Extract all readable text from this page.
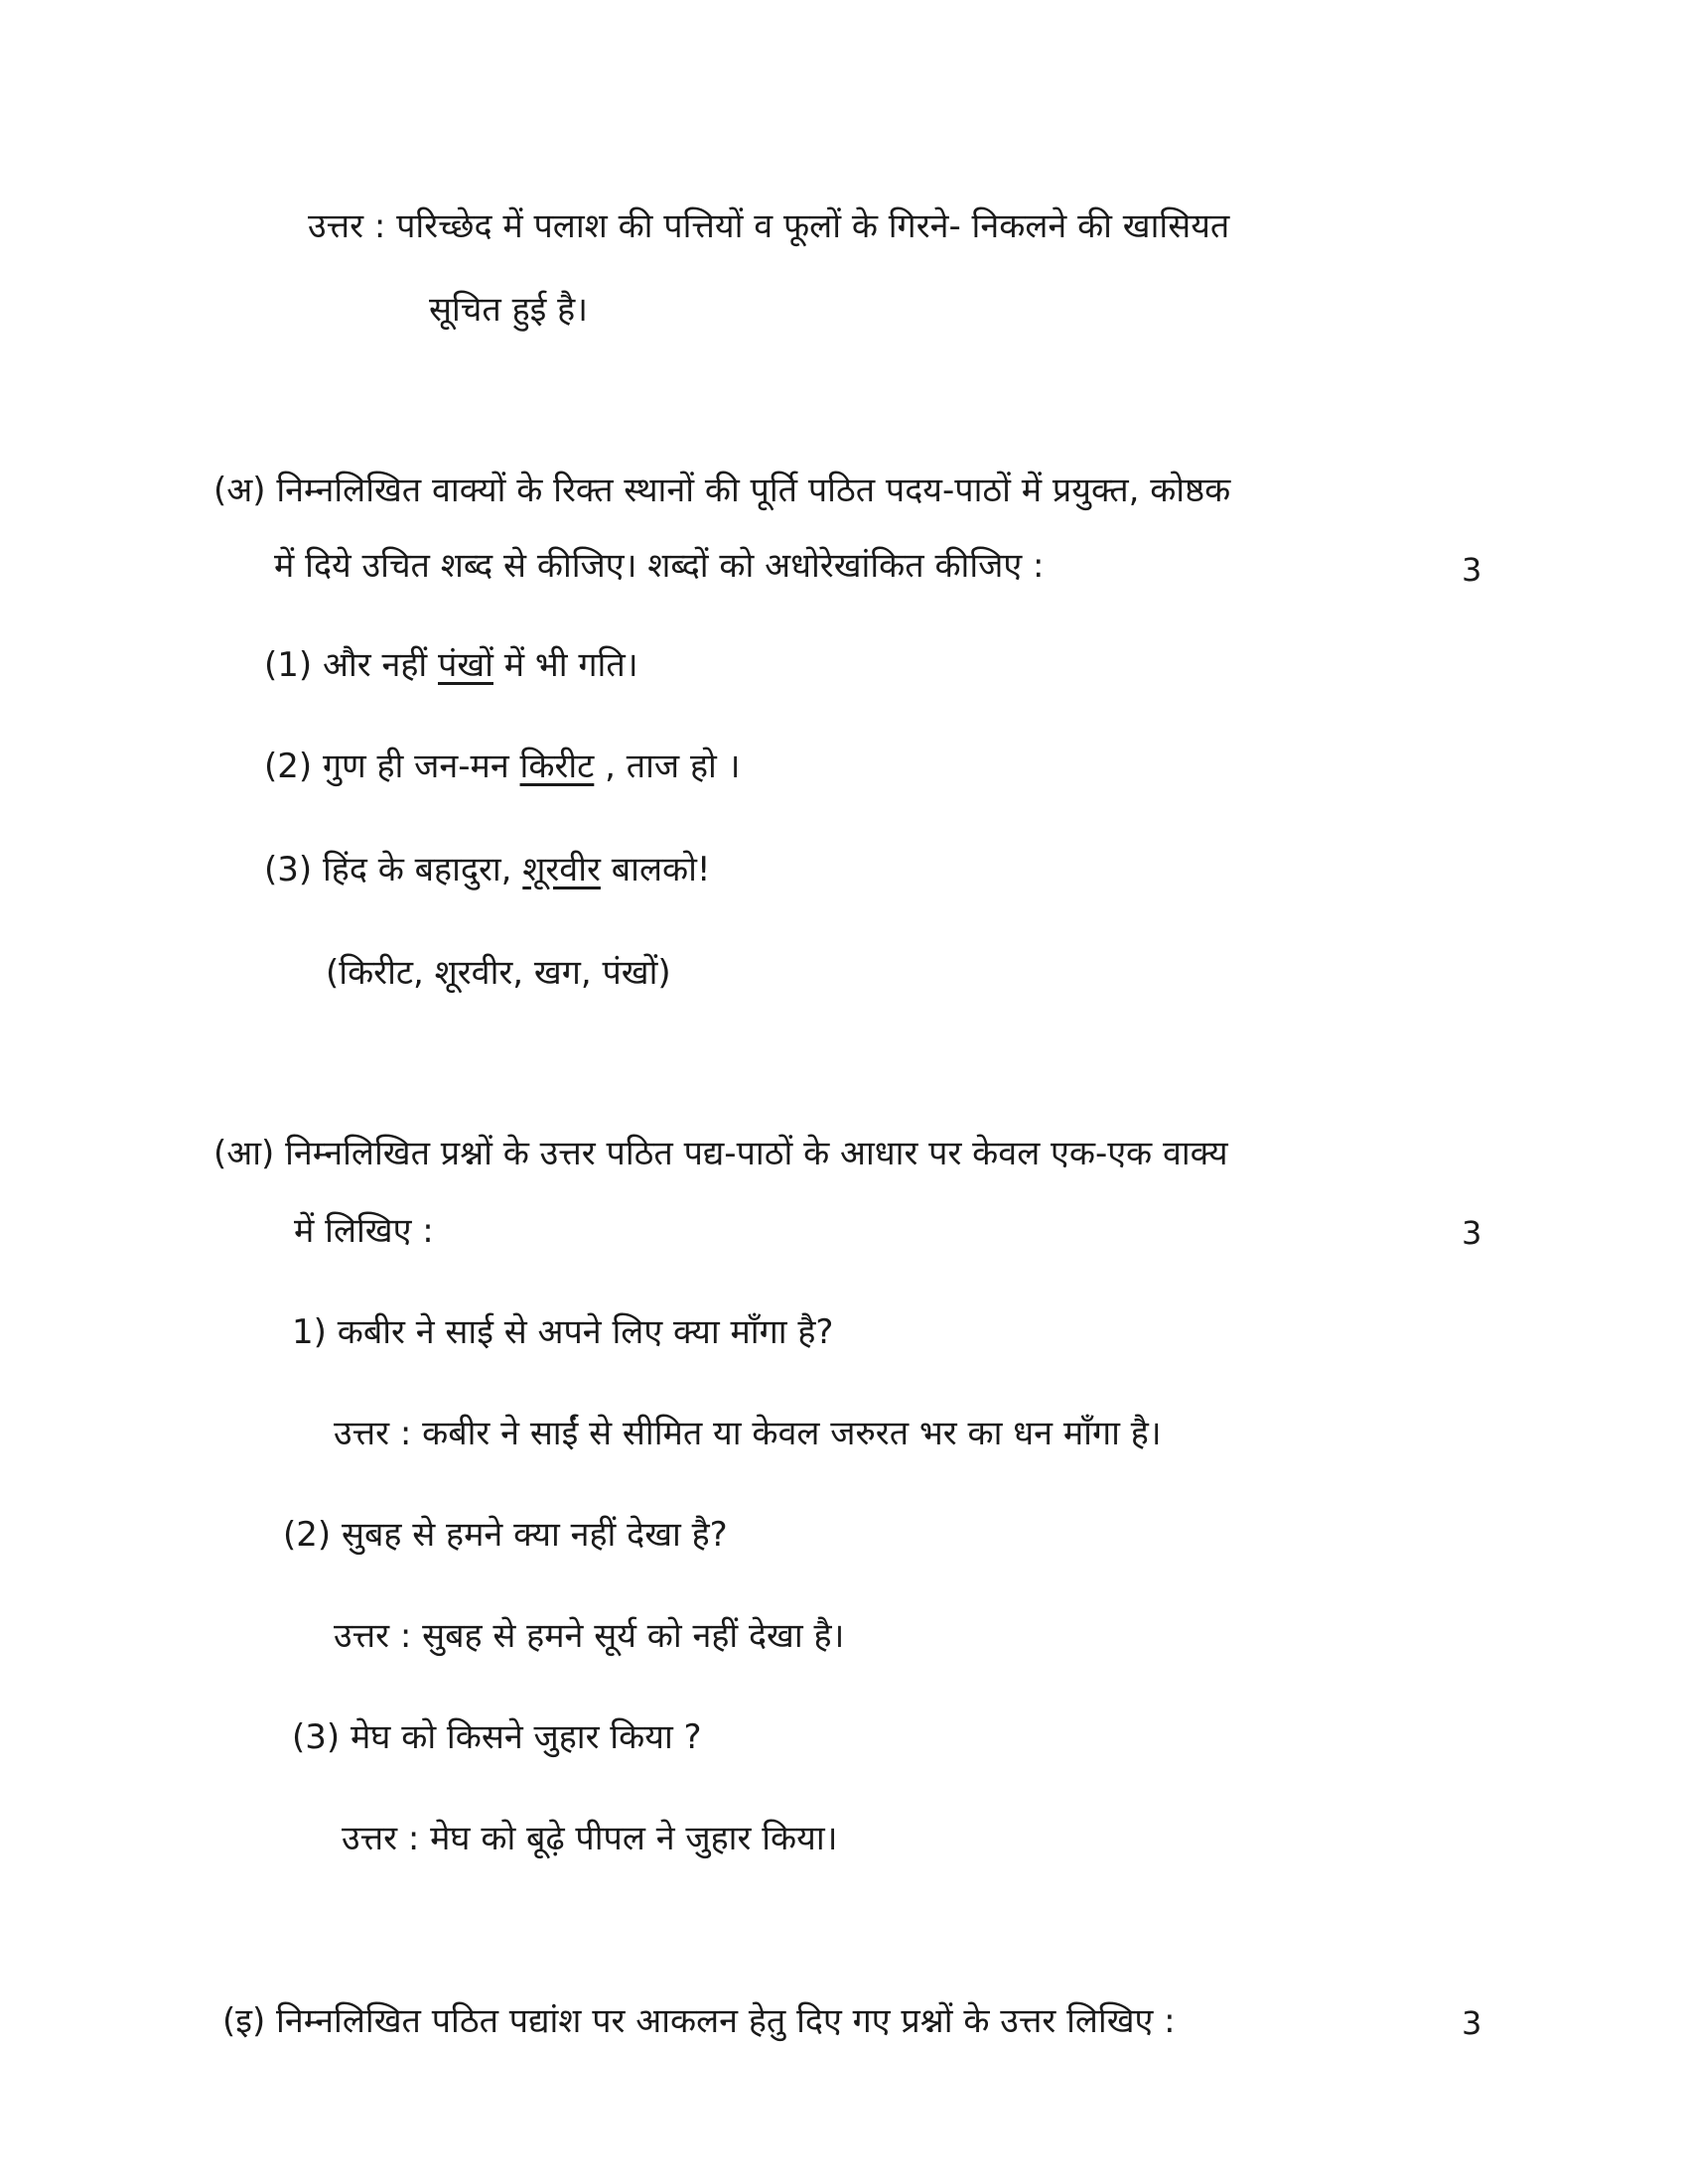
उत्तर : परिच्छेद में पलाश की पत्तियों व फूलों के गिरने- निकलने की खासियत
सूचित हुई है।
(अ) निम्नलिखित वाक्यों के रिक्त स्थानों की पूर्ति पठित पदय-पाठों में प्रयुक्त, कोष्ठक
में दिये उचित शब्द से कीजिए। शब्दों को अधोरेखांकित कीजिए :	3
(1) और नहीं पंखों में भी गति।
(2) गुण ही जन-मन किरीट , ताज हो ।
(3) हिंद के बहादुरा, शूरवीर बालको!
(किरीट, शूरवीर, खग, पंखों)
(आ) निम्नलिखित प्रश्नों के उत्तर पठित पद्य-पाठों के आधार पर केवल एक-एक वाक्य
में लिखिए :	3
1) कबीर ने साई से अपने लिए क्या माँगा है?
उत्तर : कबीर ने साईं से सीमित या केवल जरुरत भर का धन माँगा है।
(2) सुबह से हमने क्या नहीं देखा है?
उत्तर : सुबह से हमने सूर्य को नहीं देखा है।
(3) मेघ को किसने जुहार किया ?
उत्तर : मेघ को बूढ़े पीपल ने जुहार किया।
(इ) निम्नलिखित पठित पद्यांश पर आकलन हेतु दिए गए प्रश्नों के उत्तर लिखिए :	3
